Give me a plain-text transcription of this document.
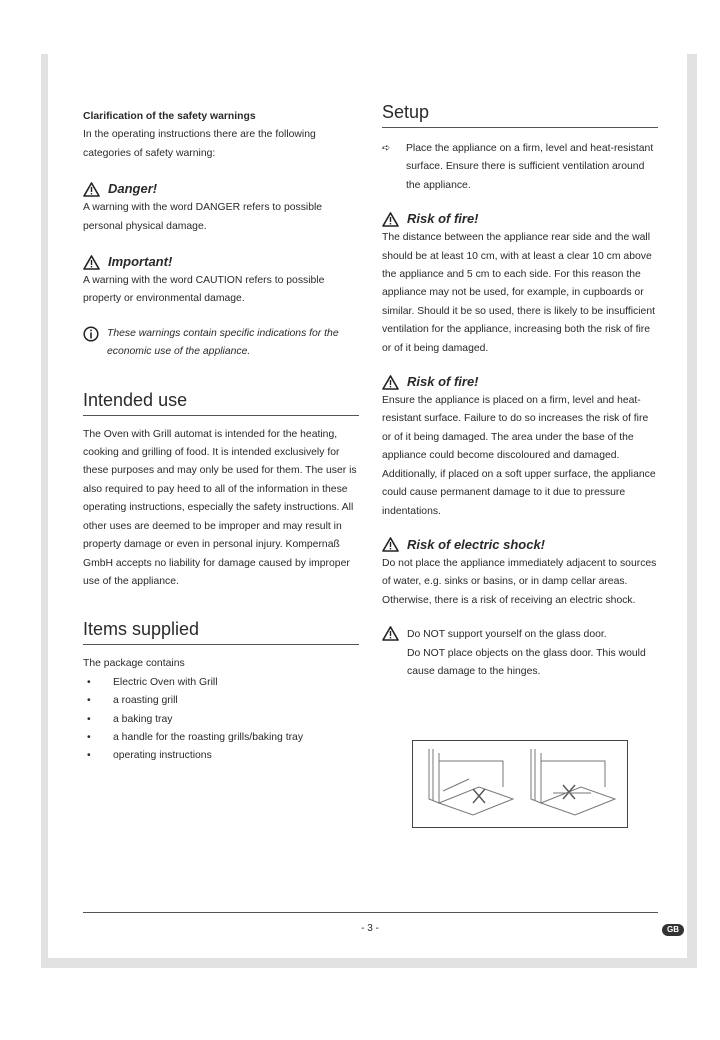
Clarification of the safety warnings

In the operating instructions there are the following categories of safety warning:

Danger!

A warning with the word DANGER refers to possible personal physical damage.

Important!

A warning with the word CAUTION refers to possible property or environmental damage.

These warnings contain specific indications for the economic use of the appliance.

Intended use

The Oven with Grill automat is intended for the heating, cooking and grilling of food. It is intended exclusively for these purposes and may only be used for them. The user is also required to pay heed to all of the information in these operating instructions, especially the safety instructions. All other uses are deemed to be improper and may result in property damage or even in personal injury. Kompernaß GmbH accepts no liability for damage caused by improper use of the appliance.

Items supplied

The package contains

•	Electric Oven with Grill
•	a roasting grill
•	a baking tray
•	a handle for the roasting grills/baking tray
•	operating instructions
Setup
➪	Place the appliance on a firm, level and heat-resistant surface. Ensure there is sufficient ventilation around the appliance.

Risk of fire!

The distance between the appliance rear side and the wall should be at least 10 cm, with at least a clear 10 cm above the appliance and 5 cm to each side. For this reason the appliance may not be used, for example, in cupboards or similar. Should it be so used, there is likely to be insufficient ventilation for the appliance, increasing both the risk of fire or of it being damaged.

Risk of fire!

Ensure the appliance is placed on a firm, level and heat-resistant surface. Failure to do so increases the risk of fire or of it being damaged. The area under the base of the appliance could become discoloured and damaged. Additionally, if placed on a soft upper surface, the appliance could cause permanent damage to it due to pressure indentations.

Risk of electric shock!

Do not place the appliance immediately adjacent to sources of water, e.g. sinks or basins, or in damp cellar areas. Otherwise, there is a risk of receiving an electric shock.

Do NOT support yourself on the glass door.

Do NOT place objects on the glass door. This would cause damage to the hinges.

- 3 -	GB
